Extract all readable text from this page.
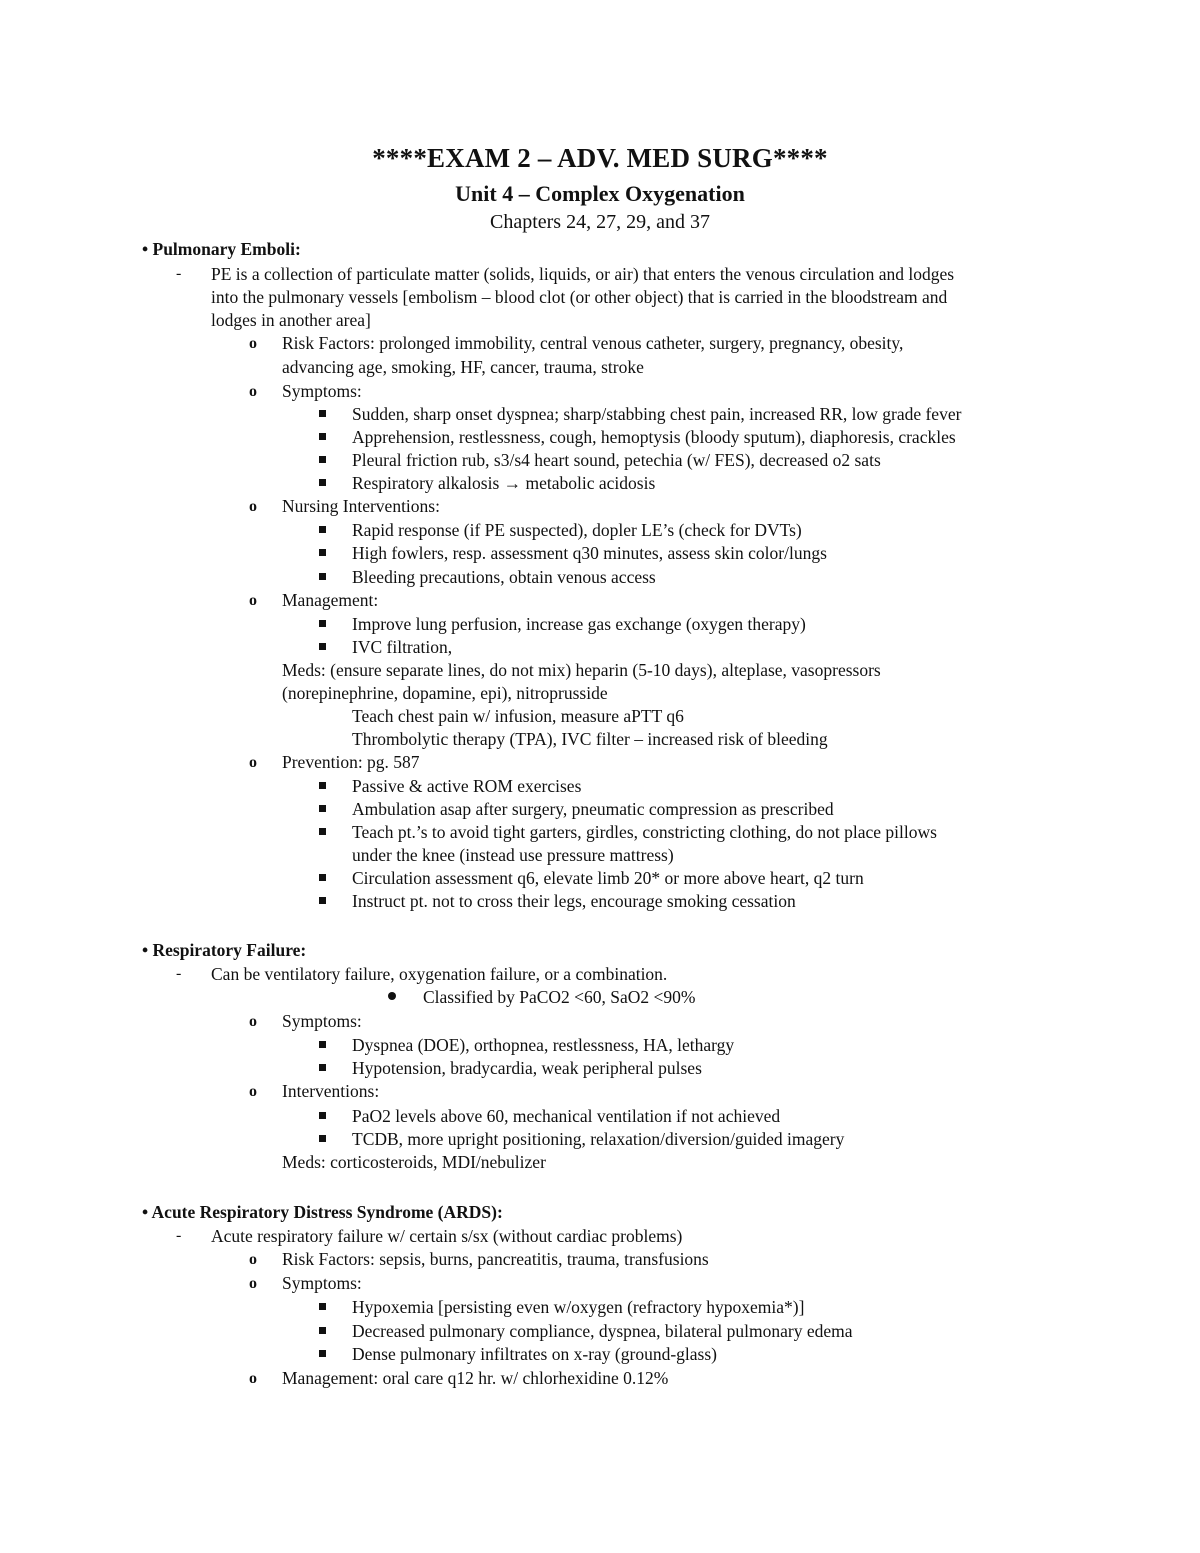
****EXAM 2 – ADV. MED SURG****
Unit 4 – Complex Oxygenation
Chapters 24, 27, 29, and 37
• Pulmonary Emboli:
- PE is a collection of particulate matter (solids, liquids, or air) that enters the venous circulation and lodges
into the pulmonary vessels [embolism – blood clot (or other object) that is carried in the bloodstream and
lodges in another area]
o Risk Factors: prolonged immobility, central venous catheter, surgery, pregnancy, obesity,
advancing age, smoking, HF, cancer, trauma, stroke
o Symptoms:
Sudden, sharp onset dyspnea; sharp/stabbing chest pain, increased RR, low grade fever
Apprehension, restlessness, cough, hemoptysis (bloody sputum), diaphoresis, crackles
Pleural friction rub, s3/s4 heart sound, petechia (w/ FES), decreased o2 sats
Respiratory alkalosis → metabolic acidosis
o Nursing Interventions:
Rapid response (if PE suspected), dopler LE’s (check for DVTs)
High fowlers, resp. assessment q30 minutes, assess skin color/lungs
Bleeding precautions, obtain venous access
o Management:
Improve lung perfusion, increase gas exchange (oxygen therapy)
IVC filtration,
Meds: (ensure separate lines, do not mix) heparin (5-10 days), alteplase, vasopressors
(norepinephrine, dopamine, epi), nitroprusside
Teach chest pain w/ infusion, measure aPTT q6
Thrombolytic therapy (TPA), IVC filter – increased risk of bleeding
o Prevention: pg. 587
Passive & active ROM exercises
Ambulation asap after surgery, pneumatic compression as prescribed
Teach pt.’s to avoid tight garters, girdles, constricting clothing, do not place pillows
under the knee (instead use pressure mattress)
Circulation assessment q6, elevate limb 20* or more above heart, q2 turn
Instruct pt. not to cross their legs, encourage smoking cessation
• Respiratory Failure:
- Can be ventilatory failure, oxygenation failure, or a combination.
Classified by PaCO2 <60, SaO2 <90%
o Symptoms:
Dyspnea (DOE), orthopnea, restlessness, HA, lethargy
Hypotension, bradycardia, weak peripheral pulses
o Interventions:
PaO2 levels above 60, mechanical ventilation if not achieved
TCDB, more upright positioning, relaxation/diversion/guided imagery
Meds: corticosteroids, MDI/nebulizer
• Acute Respiratory Distress Syndrome (ARDS):
- Acute respiratory failure w/ certain s/sx (without cardiac problems)
o Risk Factors: sepsis, burns, pancreatitis, trauma, transfusions
o Symptoms:
Hypoxemia [persisting even w/oxygen (refractory hypoxemia*)]
Decreased pulmonary compliance, dyspnea, bilateral pulmonary edema
Dense pulmonary infiltrates on x-ray (ground-glass)
o Management: oral care q12 hr. w/ chlorhexidine 0.12%
